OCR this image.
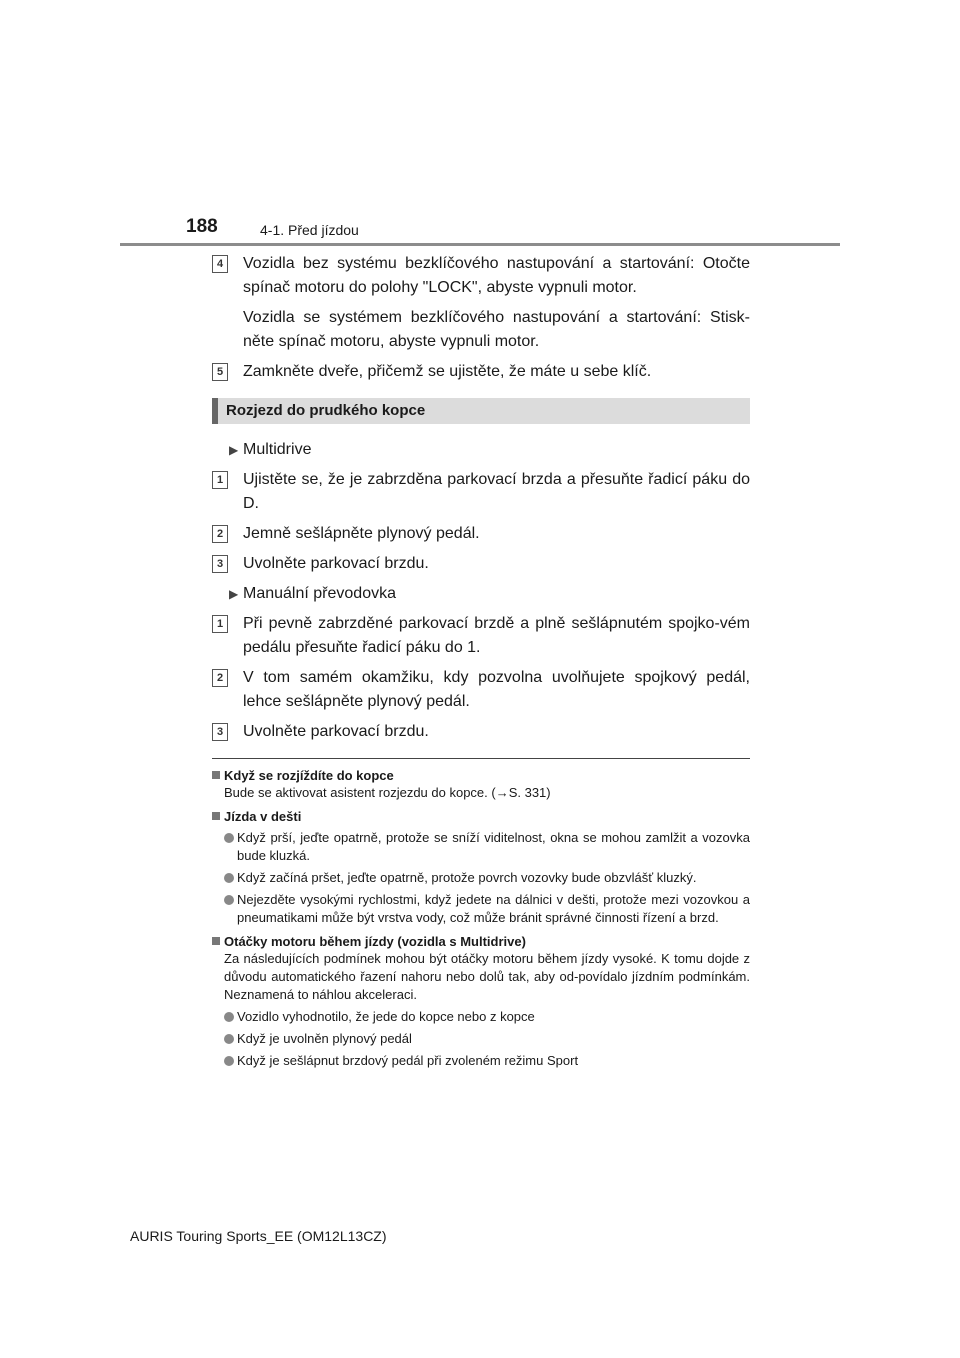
188	4-1. Před jízdou
4	Vozidla bez systému bezklíčového nastupování a startování: Otočte spínač motoru do polohy "LOCK", abyste vypnuli motor.

Vozidla se systémem bezklíčového nastupování a startování: Stisk-něte spínač motoru, abyste vypnuli motor.

5	Zamkněte dveře, přičemž se ujistěte, že máte u sebe klíč.

Rozjezd do prudkého kopce
▶ Multidrive
1	Ujistěte se, že je zabrzděna parkovací brzda a přesuňte řadicí páku do D.

2	Jemně sešlápněte plynový pedál.

3	Uvolněte parkovací brzdu.

▶ Manuální převodovka
1	Při pevně zabrzděné parkovací brzdě a plně sešlápnutém spojko-vém pedálu přesuňte řadicí páku do 1.

2	V tom samém okamžiku, kdy pozvolna uvolňujete spojkový pedál, lehce sešlápněte plynový pedál.

3	Uvolněte parkovací brzdu.

Když se rozjíždíte do kopce
Bude se aktivovat asistent rozjezdu do kopce. (→S. 331)
Jízda v dešti
Když prší, jeďte opatrně, protože se sníží viditelnost, okna se mohou zamlžit a vozovka bude kluzká.
Když začíná pršet, jeďte opatrně, protože povrch vozovky bude obzvlášť kluzký.
Nejezděte vysokými rychlostmi, když jedete na dálnici v dešti, protože mezi vozovkou a pneumatikami může být vrstva vody, což může bránit správné činnosti řízení a brzd.
Otáčky motoru během jízdy (vozidla s Multidrive)
Za následujících podmínek mohou být otáčky motoru během jízdy vysoké. K tomu dojde z důvodu automatického řazení nahoru nebo dolů tak, aby od-povídalo jízdním podmínkám. Neznamená to náhlou akceleraci.
Vozidlo vyhodnotilo, že jede do kopce nebo z kopce
Když je uvolněn plynový pedál
Když je sešlápnut brzdový pedál při zvoleném režimu Sport
AURIS Touring Sports_EE (OM12L13CZ)
